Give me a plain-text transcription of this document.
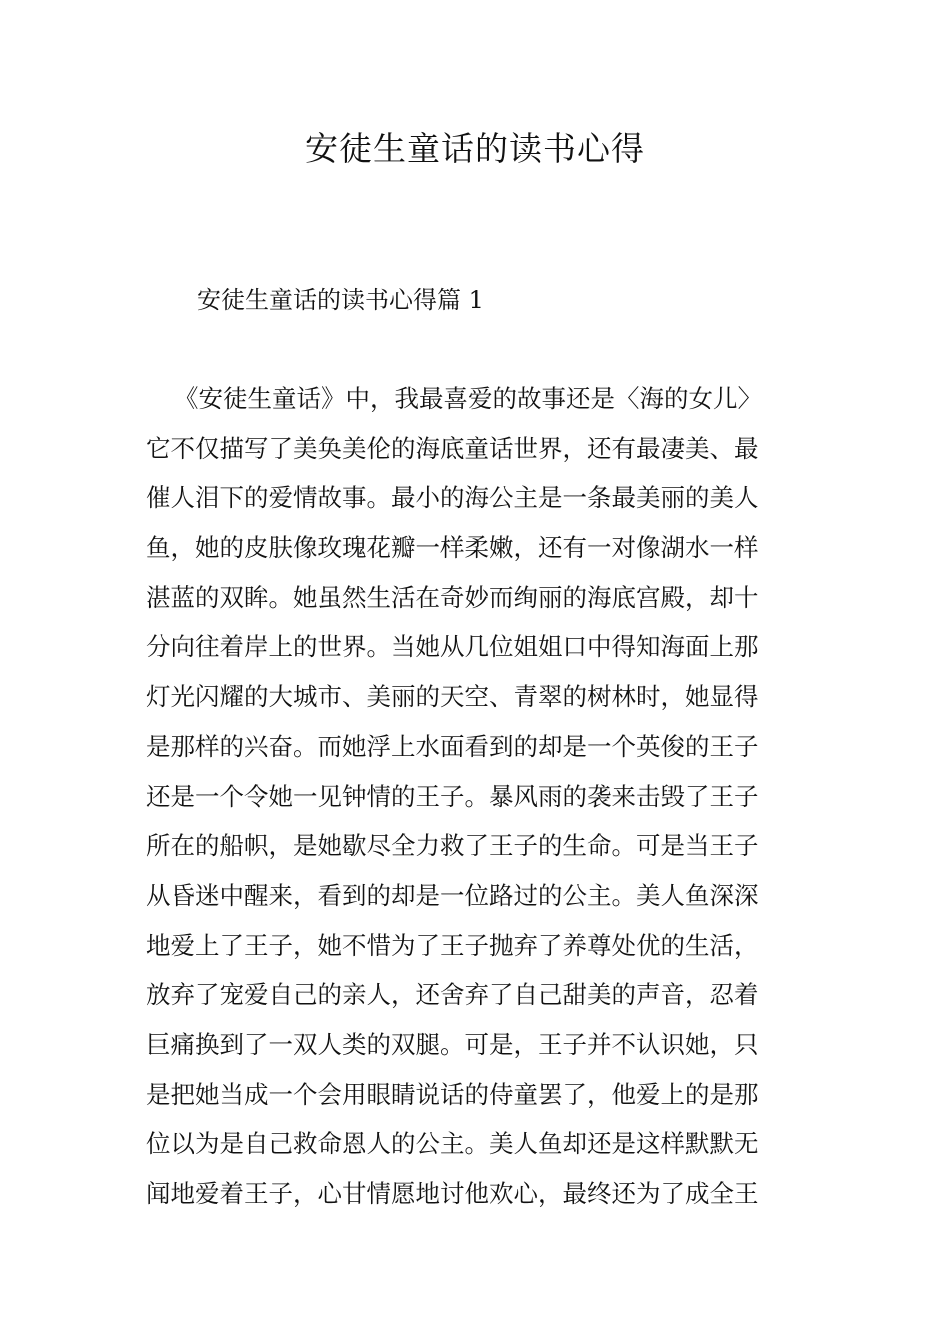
安徒生童话的读书心得
安徒生童话的读书心得篇 1
《安徒生童话》中，我最喜爱的故事还是〈海的女儿〉
它不仅描写了美奂美伦的海底童话世界，还有最凄美、最
催人泪下的爱情故事。最小的海公主是一条最美丽的美人
鱼，她的皮肤像玫瑰花瓣一样柔嫩，还有一对像湖水一样
湛蓝的双眸。她虽然生活在奇妙而绚丽的海底宫殿，却十
分向往着岸上的世界。当她从几位姐姐口中得知海面上那
灯光闪耀的大城市、美丽的天空、青翠的树林时，她显得
是那样的兴奋。而她浮上水面看到的却是一个英俊的王子
还是一个令她一见钟情的王子。暴风雨的袭来击毁了王子
所在的船帜，是她歇尽全力救了王子的生命。可是当王子
从昏迷中醒来，看到的却是一位路过的公主。美人鱼深深
地爱上了王子，她不惜为了王子抛弃了养尊处优的生活，
放弃了宠爱自己的亲人，还舍弃了自己甜美的声音，忍着
巨痛换到了一双人类的双腿。可是，王子并不认识她，只
是把她当成一个会用眼睛说话的侍童罢了，他爱上的是那
位以为是自己救命恩人的公主。美人鱼却还是这样默默无
闻地爱着王子，心甘情愿地讨他欢心，最终还为了成全王
